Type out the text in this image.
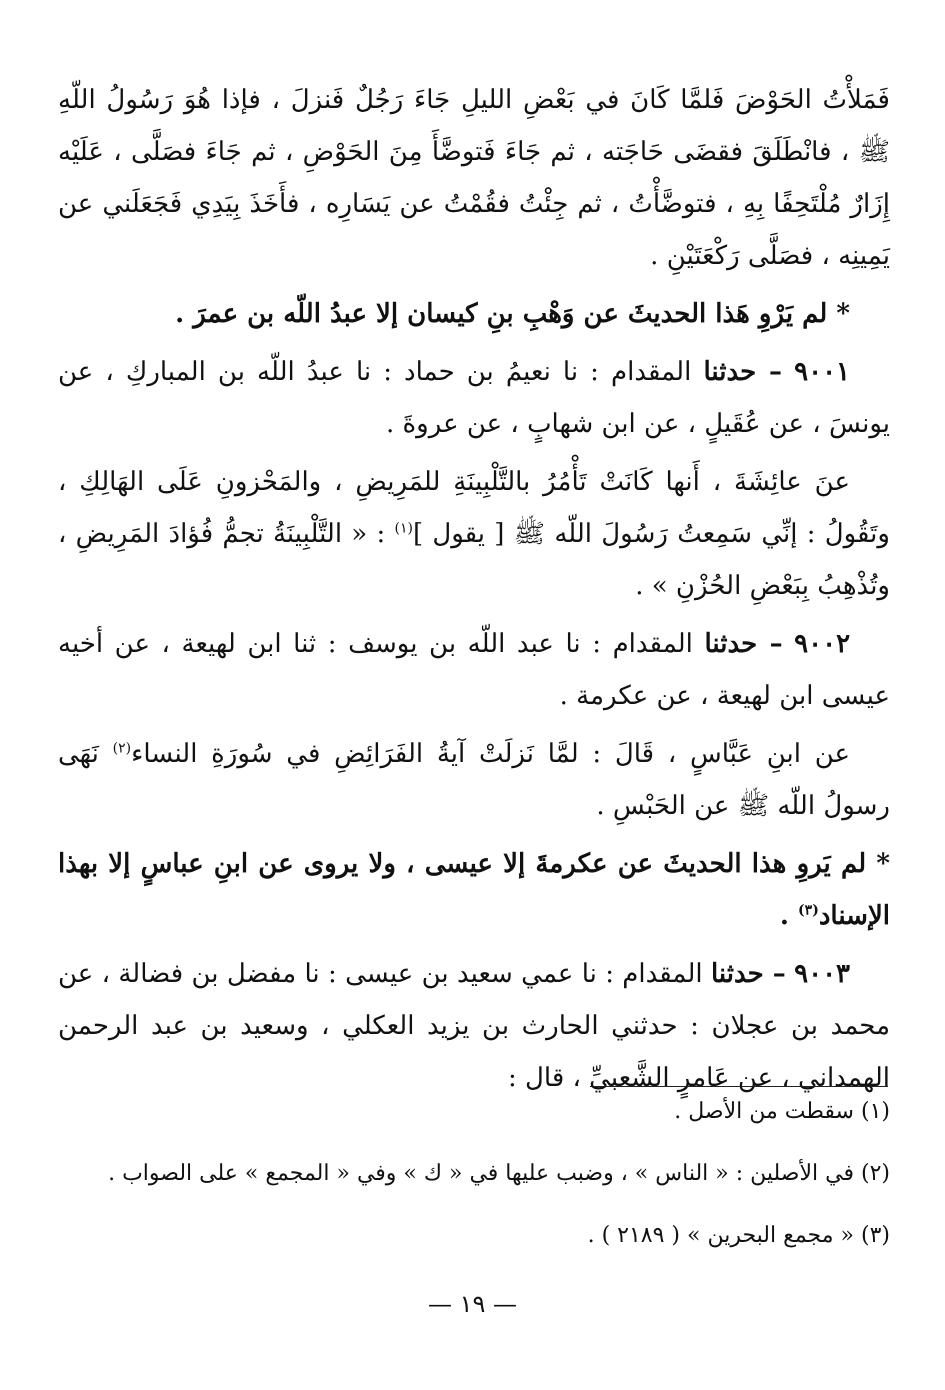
فَمَلأْتُ الحَوْضَ فَلمَّا كَانَ في بَعْضِ الليلِ جَاءَ رَجُلٌ فَنزلَ ، فإذا هُوَ رَسُولُ اللّهِ ﷺ ، فانْطَلَقَ فقضَى حَاجَته ، ثم جَاءَ فَتوضَّأَ مِنَ الحَوْضِ ، ثم جَاءَ فصَلَّى ، عَلَيْه إِزَارٌ مُلْتَحِفًا بِهِ ، فتوضَّأْتُ ، ثم جِئْتُ فقُمْتُ عن يَسَارِه ، فأَخَذَ بِيَدِي فَجَعَلَني عن يَمِينِه ، فصَلَّى رَكْعَتَيْنِ .

* لم يَرْوِ هَذا الحديثَ عن وَهْبِ بنِ كيسان إلا عبدُ اللّه بن عمرَ .

٩٠٠١ – حدثنا المقدام : نا نعيمُ بن حماد : نا عبدُ اللّه بن المباركِ ، عن يونسَ ، عن عُقَيلٍ ، عن ابن شهابٍ ، عن عروةَ .

عنَ عائِشَةَ ، أَنها كَانَتْ تَأْمُرُ بالتَّلْبِينَةِ للمَرِيضِ ، والمَحْزونِ عَلَى الهَالِكِ ، وتَقُولُ : إنِّي سَمِعتُ رَسُولَ اللّه ﷺ [ يقول ]$^{(١)}$ : « التَّلْبِينَةُ تجمُّ فُؤادَ المَرِيضِ ، وتُذْهِبُ بِبَعْضِ الحُزْنِ » .

٩٠٠٢ – حدثنا المقدام : نا عبد اللّه بن يوسف : ثنا ابن لهيعة ، عن أخيه عيسى ابن لهيعة ، عن عكرمة .

عن ابنِ عَبَّاسٍ ، قَالَ : لمَّا نَزلَتْ آيةُ الفَرَائِضِ في سُورَةِ النساء$^{(٢)}$ نَهَى رسولُ اللّه ﷺ عن الحَبْسِ .

* لم يَروِ هذا الحديثَ عن عكرمةَ إلا عيسى ، ولا يروى عن ابنِ عباسٍ إلا بهذا الإسناد$^{(٣)}$ .

٩٠٠٣ – حدثنا المقدام : نا عمي سعيد بن عيسى : نا مفضل بن فضالة ، عن محمد بن عجلان : حدثني الحارث بن يزيد العكلي ، وسعيد بن عبد الرحمن الهمداني ، عن عَامرٍ الشَّعبيِّ ، قال :

(١) سقطت من الأصل .

(٢) في الأصلين : « الناس » ، وضبب عليها في « ك » وفي « المجمع » على الصواب .

(٣) « مجمع البحرين » ( ٢١٨٩ ) .

— ١٩ —
